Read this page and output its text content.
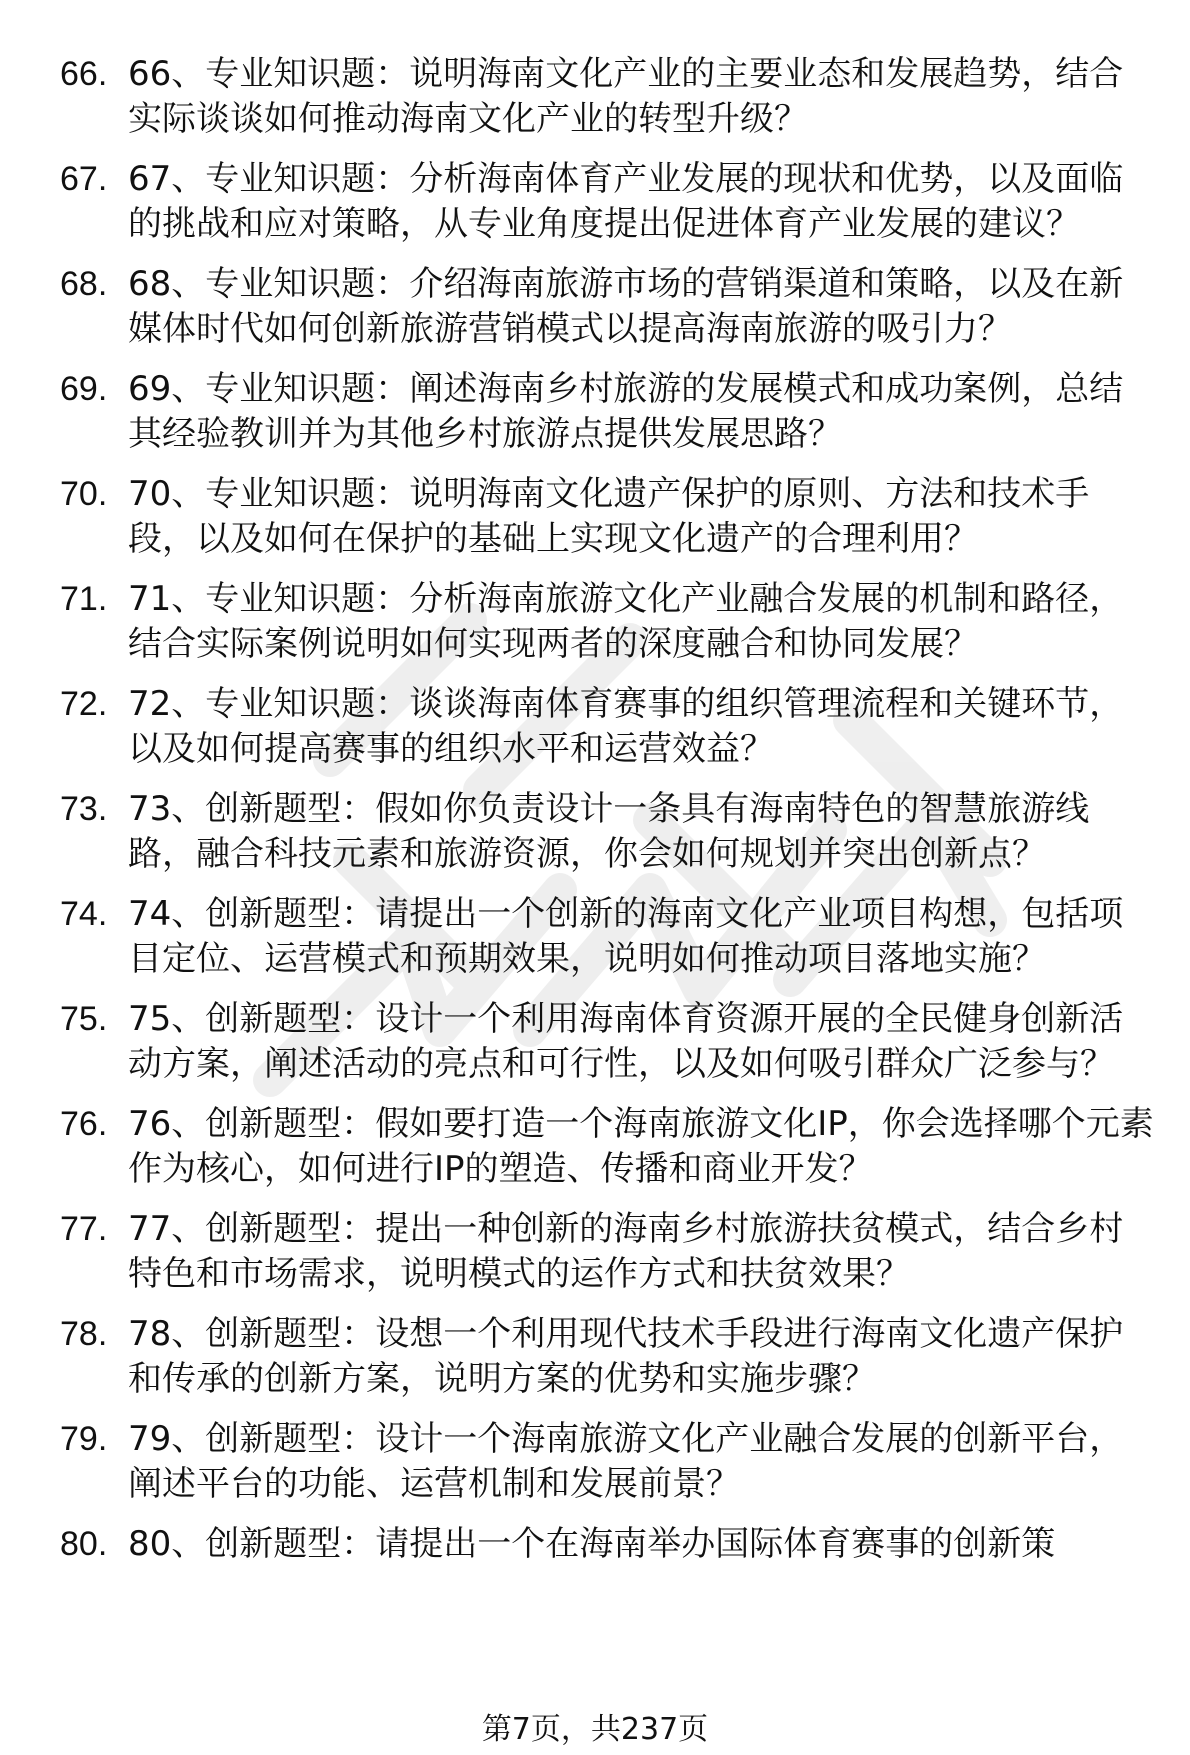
66. 66、专业知识题：说明海南文化产业的主要业态和发展趋势，结合实际谈谈如何推动海南文化产业的转型升级？
67. 67、专业知识题：分析海南体育产业发展的现状和优势，以及面临的挑战和应对策略，从专业角度提出促进体育产业发展的建议？
68. 68、专业知识题：介绍海南旅游市场的营销渠道和策略，以及在新媒体时代如何创新旅游营销模式以提高海南旅游的吸引力？
69. 69、专业知识题：阐述海南乡村旅游的发展模式和成功案例，总结其经验教训并为其他乡村旅游点提供发展思路？
70. 70、专业知识题：说明海南文化遗产保护的原则、方法和技术手段，以及如何在保护的基础上实现文化遗产的合理利用？
71. 71、专业知识题：分析海南旅游文化产业融合发展的机制和路径，结合实际案例说明如何实现两者的深度融合和协同发展？
72. 72、专业知识题：谈谈海南体育赛事的组织管理流程和关键环节，以及如何提高赛事的组织水平和运营效益？
73. 73、创新题型：假如你负责设计一条具有海南特色的智慧旅游线路，融合科技元素和旅游资源，你会如何规划并突出创新点？
74. 74、创新题型：请提出一个创新的海南文化产业项目构想，包括项目定位、运营模式和预期效果，说明如何推动项目落地实施？
75. 75、创新题型：设计一个利用海南体育资源开展的全民健身创新活动方案，阐述活动的亮点和可行性，以及如何吸引群众广泛参与？
76. 76、创新题型：假如要打造一个海南旅游文化IP，你会选择哪个元素作为核心，如何进行IP的塑造、传播和商业开发？
77. 77、创新题型：提出一种创新的海南乡村旅游扶贫模式，结合乡村特色和市场需求，说明模式的运作方式和扶贫效果？
78. 78、创新题型：设想一个利用现代技术手段进行海南文化遗产保护和传承的创新方案，说明方案的优势和实施步骤？
79. 79、创新题型：设计一个海南旅游文化产业融合发展的创新平台，阐述平台的功能、运营机制和发展前景？
80. 80、创新题型：请提出一个在海南举办国际体育赛事的创新策
第7页，共237页
